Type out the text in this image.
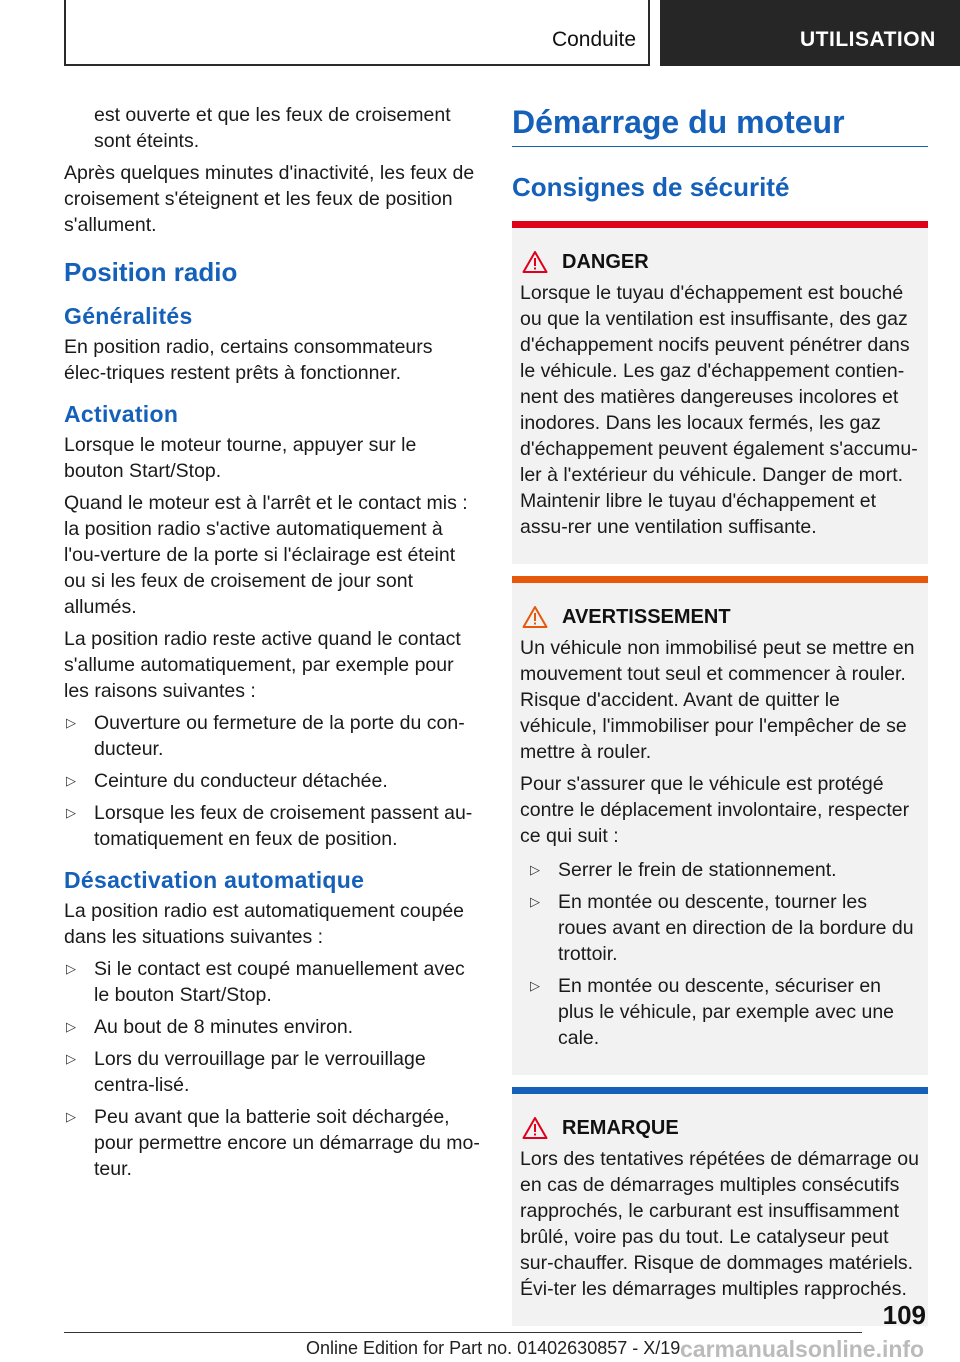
Conduite	UTILISATION

est ouverte et que les feux de croisement sont éteints.

Après quelques minutes d'inactivité, les feux de croisement s'éteignent et les feux de position s'allument.

Position radio
Généralités

En position radio, certains consommateurs élec‐triques restent prêts à fonctionner.

Activation

Lorsque le moteur tourne, appuyer sur le bouton Start/Stop.

Quand le moteur est à l'arrêt et le contact mis : la position radio s'active automatiquement à l'ou‐verture de la porte si l'éclairage est éteint ou si les feux de croisement de jour sont allumés.

La position radio reste active quand le contact s'allume automatiquement, par exemple pour les raisons suivantes :

▷ Ouverture ou fermeture de la porte du con‐ducteur.
▷ Ceinture du conducteur détachée.
▷ Lorsque les feux de croisement passent au‐tomatiquement en feux de position.
Désactivation automatique

La position radio est automatiquement coupée dans les situations suivantes :

▷ Si le contact est coupé manuellement avec le bouton Start/Stop.
▷ Au bout de 8 minutes environ.
▷ Lors du verrouillage par le verrouillage centra‐lisé.
▷ Peu avant que la batterie soit déchargée, pour permettre encore un démarrage du mo‐teur.
Démarrage du moteur
Consignes de sécurité
DANGER

Lorsque le tuyau d'échappement est bouché ou que la ventilation est insuffisante, des gaz d'échappement nocifs peuvent pénétrer dans le véhicule. Les gaz d'échappement contien‐nent des matières dangereuses incolores et inodores. Dans les locaux fermés, les gaz d'échappement peuvent également s'accumu‐ler à l'extérieur du véhicule. Danger de mort. Maintenir libre le tuyau d'échappement et assu‐rer une ventilation suffisante.

AVERTISSEMENT

Un véhicule non immobilisé peut se mettre en mouvement tout seul et commencer à rouler. Risque d'accident. Avant de quitter le véhicule, l'immobiliser pour l'empêcher de se mettre à rouler.

Pour s'assurer que le véhicule est protégé contre le déplacement involontaire, respecter ce qui suit :

▷ Serrer le frein de stationnement.
▷ En montée ou descente, tourner les roues avant en direction de la bordure du trottoir.
▷ En montée ou descente, sécuriser en plus le véhicule, par exemple avec une cale.
REMARQUE

Lors des tentatives répétées de démarrage ou en cas de démarrages multiples consécutifs rapprochés, le carburant est insuffisamment brûlé, voire pas du tout. Le catalyseur peut sur‐chauffer. Risque de dommages matériels. Évi‐ter les démarrages multiples rapprochés.

109
Online Edition for Part no. 01402630857 - X/19 carmanualsonline.info
